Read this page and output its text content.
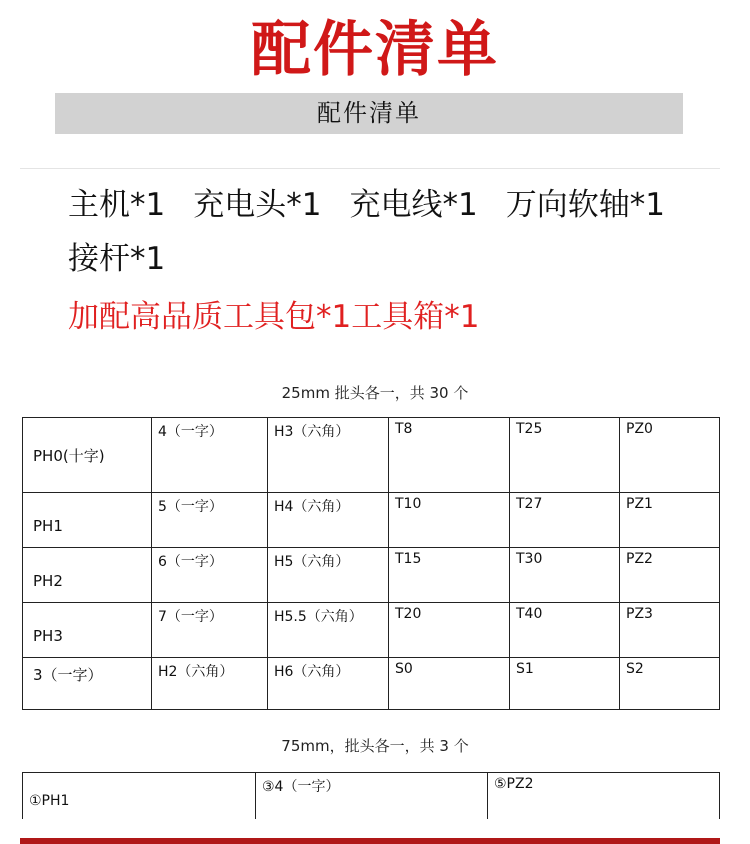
配件清单
配件清单
主机*1 充电头*1 充电线*1 万向软轴*1接杆*1
加配高品质工具包*1工具箱*1
25mm 批头各一，共 30 个
PH0(十字)	4（一字）	H3（六角）	T8	T25	PZ0
PH1	5（一字）	H4（六角）	T10	T27	PZ1
PH2	6（一字）	H5（六角）	T15	T30	PZ2
PH3	7（一字）	H5.5（六角）	T20	T40	PZ3
3（一字）	H2（六角）	H6（六角）	S0	S1	S2
75mm，批头各一，共 3 个
①PH1	③4（一字）	⑤PZ2
